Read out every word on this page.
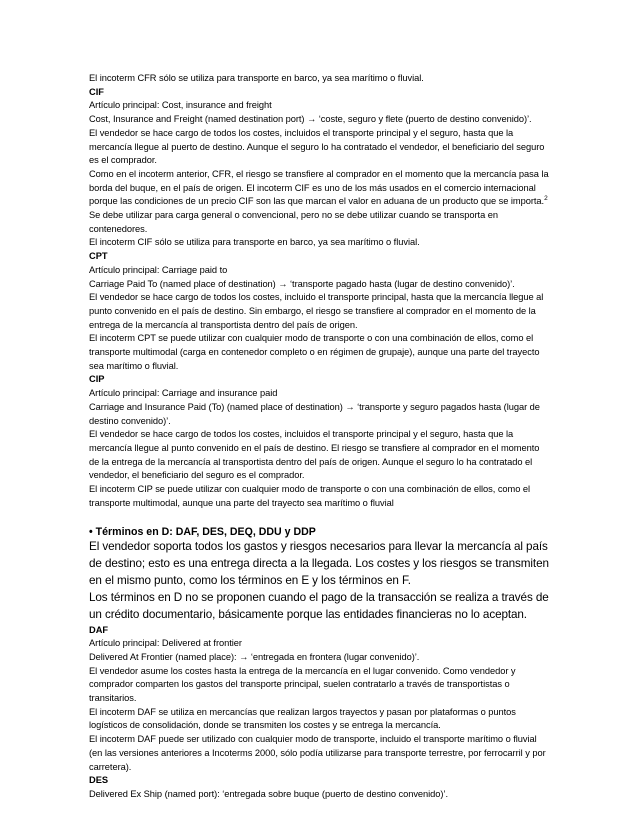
El incoterm CFR sólo se utiliza para transporte en barco, ya sea marítimo o fluvial.

CIF

Artículo principal: Cost, insurance and freight

Cost, Insurance and Freight (named destination port) → ‘coste, seguro y flete (puerto de destino convenido)’.

El vendedor se hace cargo de todos los costes, incluidos el transporte principal y el seguro, hasta que la mercancía llegue al puerto de destino. Aunque el seguro lo ha contratado el vendedor, el beneficiario del seguro es el comprador.

Como en el incoterm anterior, CFR, el riesgo se transfiere al comprador en el momento que la mercancía pasa la borda del buque, en el país de origen. El incoterm CIF es uno de los más usados en el comercio internacional porque las condiciones de un precio CIF son las que marcan el valor en aduana de un producto que se importa.$^2$ Se debe utilizar para carga general o convencional, pero no se debe utilizar cuando se transporta en contenedores.

El incoterm CIF sólo se utiliza para transporte en barco, ya sea marítimo o fluvial.

CPT

Artículo principal: Carriage paid to

Carriage Paid To (named place of destination) → ‘transporte pagado hasta (lugar de destino convenido)’.

El vendedor se hace cargo de todos los costes, incluido el transporte principal, hasta que la mercancía llegue al punto convenido en el país de destino. Sin embargo, el riesgo se transfiere al comprador en el momento de la entrega de la mercancía al transportista dentro del país de origen.

El incoterm CPT se puede utilizar con cualquier modo de transporte o con una combinación de ellos, como el transporte multimodal (carga en contenedor completo o en régimen de grupaje), aunque una parte del trayecto sea marítimo o fluvial.

CIP

Artículo principal: Carriage and insurance paid

Carriage and Insurance Paid (To) (named place of destination) → ‘transporte y seguro pagados hasta (lugar de destino convenido)’.

El vendedor se hace cargo de todos los costes, incluidos el transporte principal y el seguro, hasta que la mercancía llegue al punto convenido en el país de destino. El riesgo se transfiere al comprador en el momento de la entrega de la mercancía al transportista dentro del país de origen. Aunque el seguro lo ha contratado el vendedor, el beneficiario del seguro es el comprador.

El incoterm CIP se puede utilizar con cualquier modo de transporte o con una combinación de ellos, como el transporte multimodal, aunque una parte del trayecto sea marítimo o fluvial

• Términos en D: DAF, DES, DEQ, DDU y DDP

El vendedor soporta todos los gastos y riesgos necesarios para llevar la mercancía al país de destino; esto es una entrega directa a la llegada. Los costes y los riesgos se transmiten en el mismo punto, como los términos en E y los términos en F.

Los términos en D no se proponen cuando el pago de la transacción se realiza a través de un crédito documentario, básicamente porque las entidades financieras no lo aceptan.

DAF

Artículo principal: Delivered at frontier

Delivered At Frontier (named place): → ‘entregada en frontera (lugar convenido)’.

El vendedor asume los costes hasta la entrega de la mercancía en el lugar convenido. Como vendedor y comprador comparten los gastos del transporte principal, suelen contratarlo a través de transportistas o transitarios.

El incoterm DAF se utiliza en mercancías que realizan largos trayectos y pasan por plataformas o puntos logísticos de consolidación, donde se transmiten los costes y se entrega la mercancía.

El incoterm DAF puede ser utilizado con cualquier modo de transporte, incluido el transporte marítimo o fluvial (en las versiones anteriores a Incoterms 2000, sólo podía utilizarse para transporte terrestre, por ferrocarril y por carretera).

DES

Delivered Ex Ship (named port): ‘entregada sobre buque (puerto de destino convenido)’.
